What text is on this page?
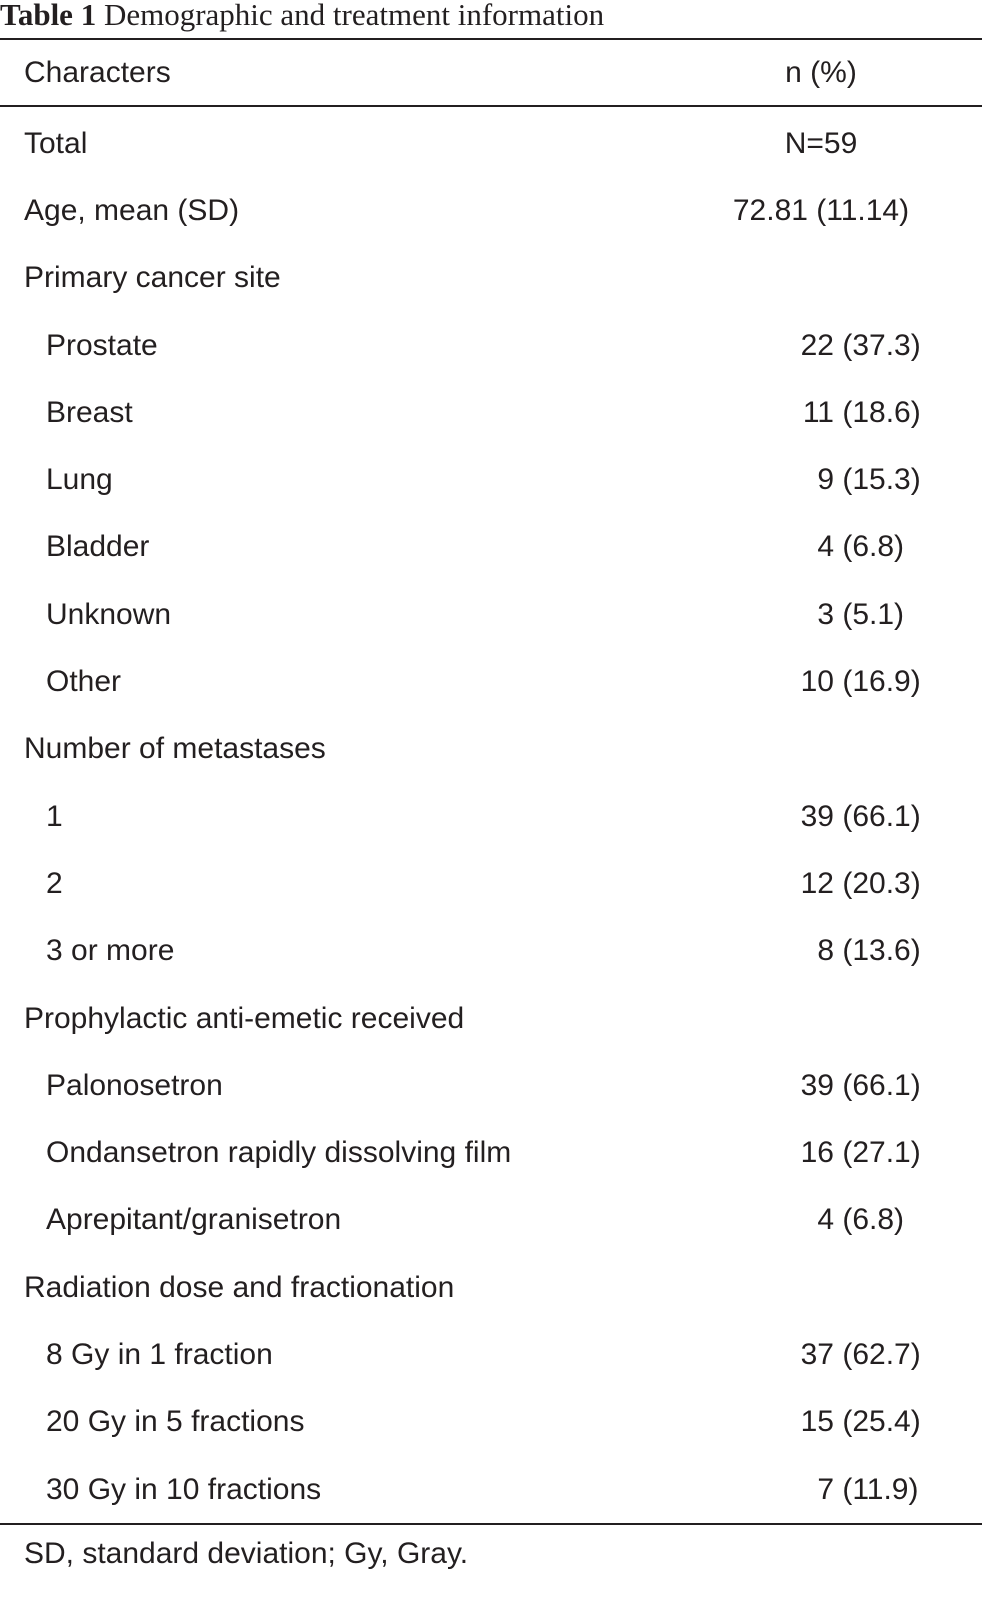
Table 1 Demographic and treatment information
Characters	n (%)
Total	N=59
Age, mean (SD)	72.81 (11.14)
Primary cancer site
Prostate	22 (37.3)
Breast	11 (18.6)
Lung	9 (15.3)
Bladder	4 (6.8)
Unknown	3 (5.1)
Other	10 (16.9)
Number of metastases
1	39 (66.1)
2	12 (20.3)
3 or more	8 (13.6)
Prophylactic anti-emetic received
Palonosetron	39 (66.1)
Ondansetron rapidly dissolving film	16 (27.1)
Aprepitant/granisetron	4 (6.8)
Radiation dose and fractionation
8 Gy in 1 fraction	37 (62.7)
20 Gy in 5 fractions	15 (25.4)
30 Gy in 10 fractions	7 (11.9)
SD, standard deviation; Gy, Gray.
